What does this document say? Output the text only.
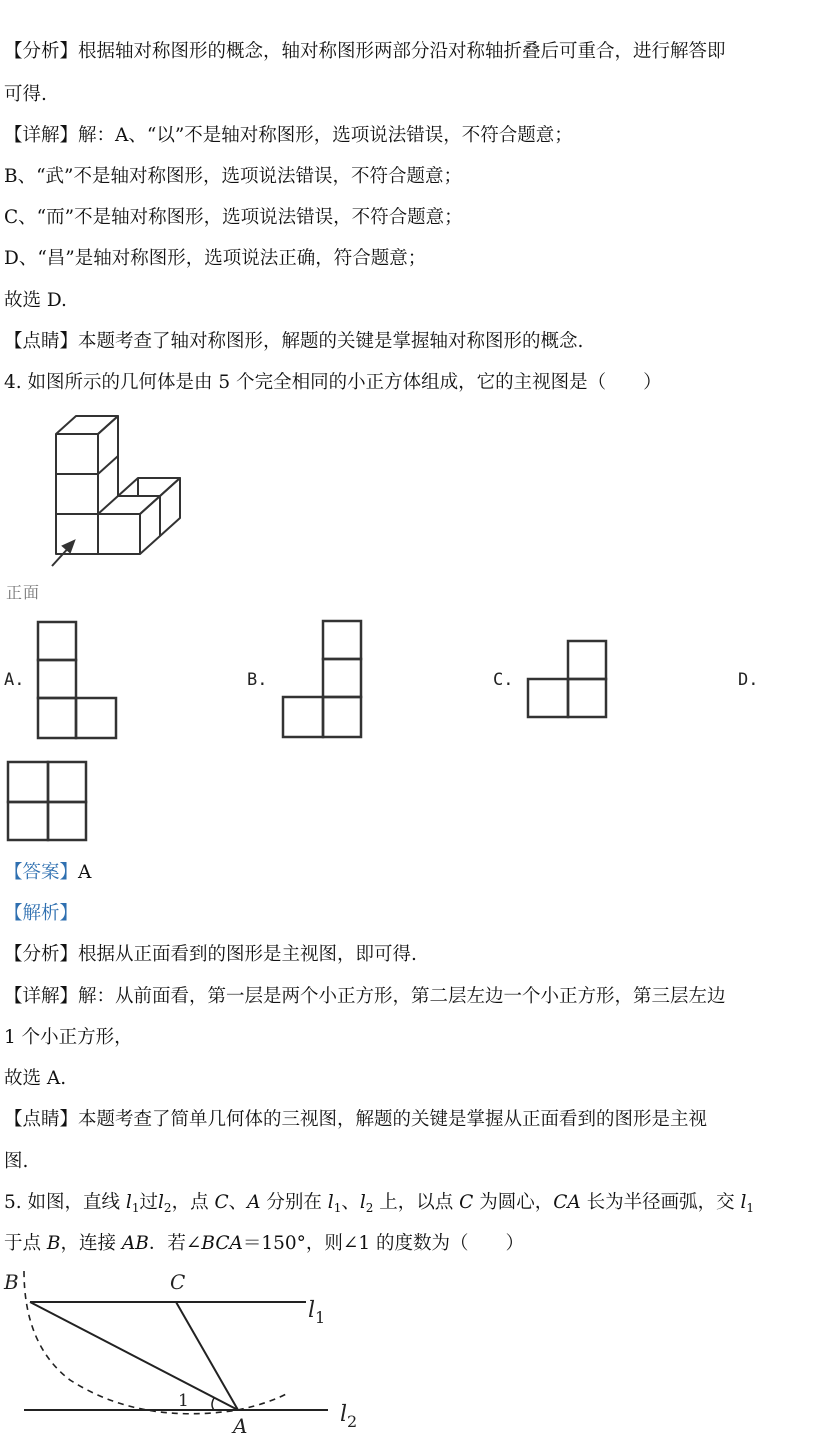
【分析】根据轴对称图形的概念，轴对称图形两部分沿对称轴折叠后可重合，进行解答即
可得.
【详解】解：A、“以”不是轴对称图形，选项说法错误，不符合题意；
B、“武”不是轴对称图形，选项说法错误，不符合题意；
C、“而”不是轴对称图形，选项说法错误，不符合题意；
D、“昌”是轴对称图形，选项说法正确，符合题意；
故选 D.
【点睛】本题考查了轴对称图形，解题的关键是掌握轴对称图形的概念.
4. 如图所示的几何体是由 5 个完全相同的小正方体组成，它的主视图是（　　）
正面
A.	B.	C.	D.
【答案】A
【解析】
【分析】根据从正面看到的图形是主视图，即可得.
【详解】解：从前面看，第一层是两个小正方形，第二层左边一个小正方形，第三层左边
1 个小正方形，
故选 A.
【点睛】本题考查了简单几何体的三视图，解题的关键是掌握从正面看到的图形是主视
图.
5. 如图，直线 $l_1$过$l_2$，点 C、A 分别在 $l_1$、$l_2$ 上，以点 C 为圆心，CA 长为半径画弧，交 $l_1$
于点 B，连接 AB．若∠BCA＝150°，则∠1 的度数为（　　）
B	C
A
1
$l_1$
$l_2$
